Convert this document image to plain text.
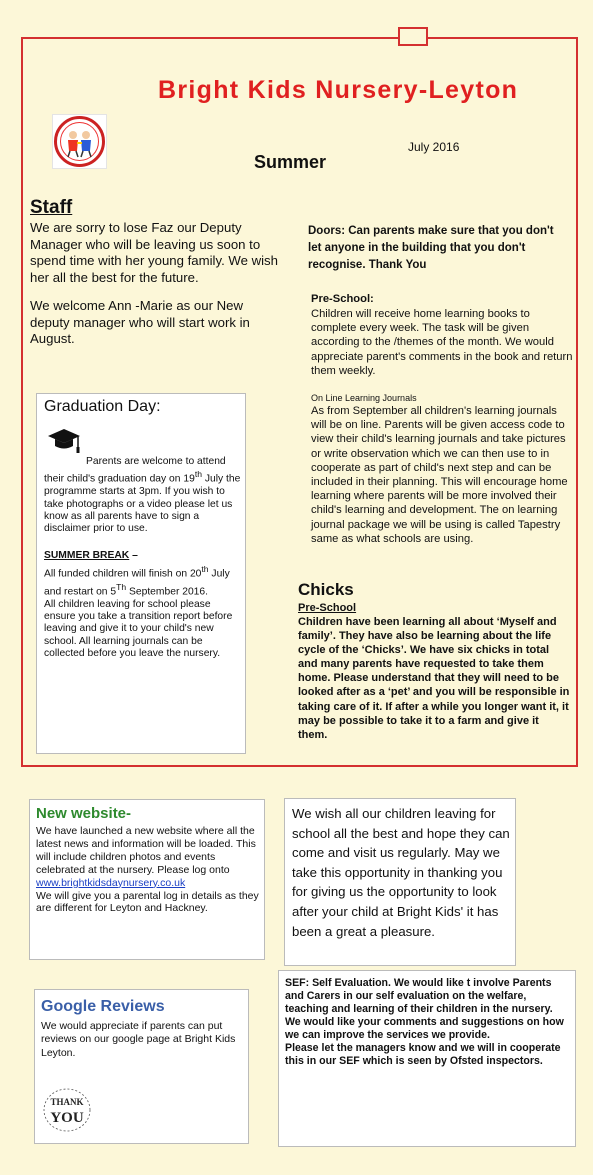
Bright Kids Nursery-Leyton
July 2016
Summer
Staff

We are sorry to lose Faz our Deputy Manager who will be leaving us soon to spend time with her young family. We wish her all the best for the future.

We welcome Ann -Marie as our New deputy manager who will start work in August.

Doors: Can parents make sure that you don't let anyone in the building that you don't recognise. Thank You

Pre-School:

Children will receive home learning books to complete every week. The task will be given according to the /themes of the month. We would appreciate parent's comments in the book and return them weekly.

On Line Learning Journals

As from September all children's learning journals will be on line. Parents will be given access code to view their child's learning journals and take pictures or write observation which we can then use to in cooperate as part of child's next step and can be included in their planning. This will encourage home learning where parents will be more involved their child's learning and development. The on learning journal package we will be using is called Tapestry same as what schools are using.

Graduation Day:

Parents are welcome to attend their child's graduation day on 19th July the programme starts at 3pm. If you wish to take photographs or a video please let us know as all parents have to sign a disclaimer prior to use.

SUMMER BREAK –

All funded children will finish on 20th July and restart on 5Th September 2016.
All children leaving for school please ensure you take a transition report before leaving and give it to your child's new school. All learning journals can be collected before you leave the nursery.

Chicks
Pre-School

Children have been learning all about ‘Myself and family’. They have also be learning about the life cycle of the ‘Chicks’. We have six chicks in total and many parents have requested to take them home. Please understand that they will need to be looked after as a ‘pet’ and you will be responsible in taking care of it. If after a while you longer want it, it may be possible to take it to a farm and give it them.

New website-

We have launched a new website where all the latest news and information will be loaded. This will include children photos and events celebrated at the nursery. Please log onto
www.brightkidsdaynursery.co.uk
We will give you a parental log in details as they are different for Leyton and Hackney.

We wish all our children leaving for school all the best and hope they can come and visit us regularly. May we take this opportunity in thanking you for giving us the opportunity to look after your child at Bright Kids' it has been a great a pleasure.

Google Reviews

We would appreciate if parents can put reviews on our google page at Bright Kids Leyton.

THANK
YOU
SEF: Self Evaluation. We would like t involve Parents and Carers in our self evaluation on the welfare, teaching and learning of their children in the nursery.
We would like your comments and suggestions on how we can improve the services we provide.
Please let the managers know and we will in cooperate this in our SEF which is seen by Ofsted inspectors.
